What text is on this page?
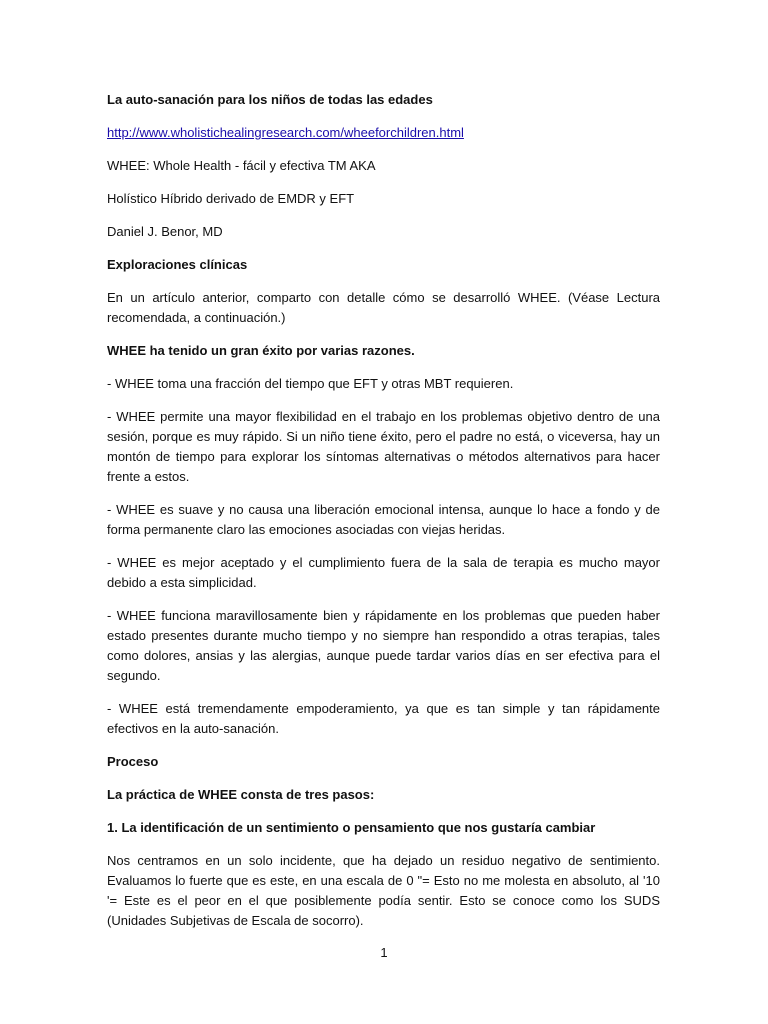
La auto-sanación para los niños de todas las edades

http://www.wholistichealingresearch.com/wheeforchildren.html

WHEE: Whole Health - fácil y efectiva TM AKA

Holístico Híbrido derivado de EMDR y EFT

Daniel J. Benor, MD

Exploraciones clínicas

En un artículo anterior, comparto con detalle cómo se desarrolló WHEE. (Véase Lectura recomendada, a continuación.)

WHEE ha tenido un gran éxito por varias razones.

- WHEE toma una fracción del tiempo que EFT y otras MBT requieren.

- WHEE permite una mayor flexibilidad en el trabajo en los problemas objetivo dentro de una sesión, porque es muy rápido. Si un niño tiene éxito, pero el padre no está, o viceversa, hay un montón de tiempo para explorar los síntomas alternativas o métodos alternativos para hacer frente a estos.

- WHEE es suave y no causa una liberación emocional intensa, aunque lo hace a fondo y de forma permanente claro las emociones asociadas con viejas heridas.

- WHEE es mejor aceptado y el cumplimiento fuera de la sala de terapia es mucho mayor debido a esta simplicidad.

- WHEE funciona maravillosamente bien y rápidamente en los problemas que pueden haber estado presentes durante mucho tiempo y no siempre han respondido a otras terapias, tales como dolores, ansias y las alergias, aunque puede tardar varios días en ser efectiva para el segundo.

- WHEE está tremendamente empoderamiento, ya que es tan simple y tan rápidamente efectivos en la auto-sanación.

Proceso

La práctica de WHEE consta de tres pasos:

1. La identificación de un sentimiento o pensamiento que nos gustaría cambiar

Nos centramos en un solo incidente, que ha dejado un residuo negativo de sentimiento. Evaluamos lo fuerte que es este, en una escala de 0 "= Esto no me molesta en absoluto, al '10 '= Este es el peor en el que posiblemente podía sentir. Esto se conoce como los SUDS (Unidades Subjetivas de Escala de socorro).

1
